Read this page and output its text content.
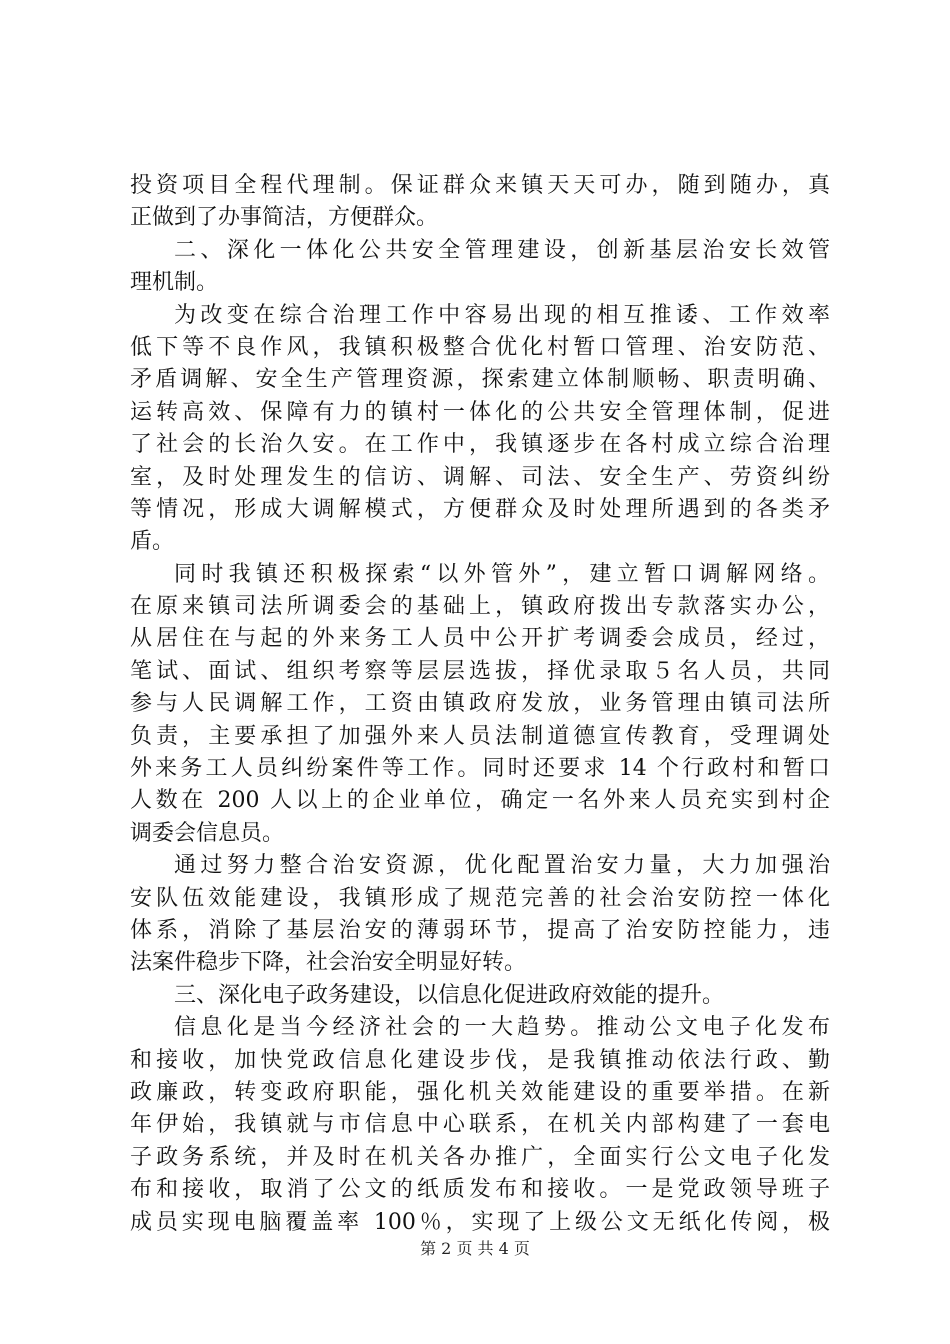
投资项目全程代理制。保证群众来镇天天可办，随到随办，真
正做到了办事简洁，方便群众。
二、深化一体化公共安全管理建设，创新基层治安长效管
理机制。
为改变在综合治理工作中容易出现的相互推诿、工作效率
低下等不良作风，我镇积极整合优化村暂口管理、治安防范、
矛盾调解、安全生产管理资源，探索建立体制顺畅、职责明确、
运转高效、保障有力的镇村一体化的公共安全管理体制，促进
了社会的长治久安。在工作中，我镇逐步在各村成立综合治理
室，及时处理发生的信访、调解、司法、安全生产、劳资纠纷
等情况，形成大调解模式，方便群众及时处理所遇到的各类矛
盾。
同时我镇还积极探索“以外管外”，建立暂口调解网络。
在原来镇司法所调委会的基础上，镇政府拨出专款落实办公，
从居住在与起的外来务工人员中公开扩考调委会成员，经过，
笔试、面试、组织考察等层层选拔，择优录取５名人员，共同
参与人民调解工作，工资由镇政府发放，业务管理由镇司法所
负责，主要承担了加强外来人员法制道德宣传教育，受理调处
外来务工人员纠纷案件等工作。同时还要求 14 个行政村和暂口
人数在 200 人以上的企业单位，确定一名外来人员充实到村企
调委会信息员。
通过努力整合治安资源，优化配置治安力量，大力加强治
安队伍效能建设，我镇形成了规范完善的社会治安防控一体化
体系，消除了基层治安的薄弱环节，提高了治安防控能力，违
法案件稳步下降，社会治安全明显好转。
三、深化电子政务建设，以信息化促进政府效能的提升。
信息化是当今经济社会的一大趋势。推动公文电子化发布
和接收，加快党政信息化建设步伐，是我镇推动依法行政、勤
政廉政，转变政府职能，强化机关效能建设的重要举措。在新
年伊始，我镇就与市信息中心联系，在机关内部构建了一套电
子政务系统，并及时在机关各办推广，全面实行公文电子化发
布和接收，取消了公文的纸质发布和接收。一是党政领导班子
成员实现电脑覆盖率 100％，实现了上级公文无纸化传阅，极
第 2 页 共 4 页
